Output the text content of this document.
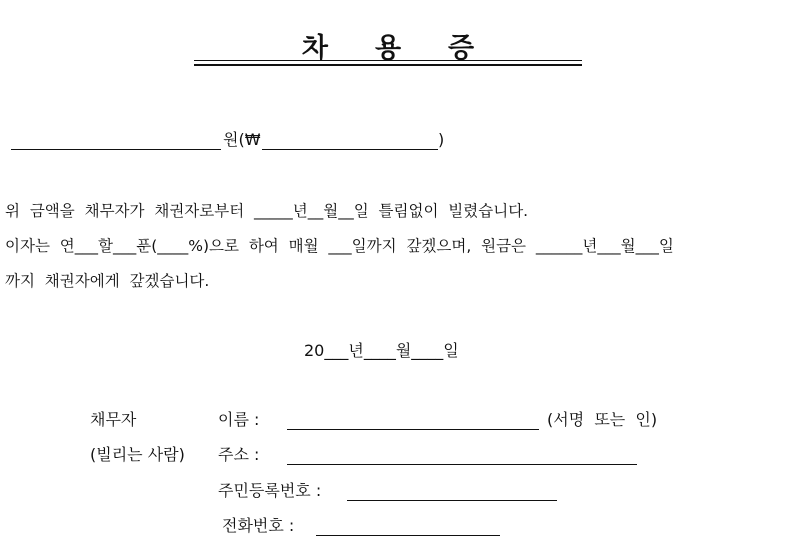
차     용     증
원(₩	)
위  금액을  채무자가  채권자로부터  _____년__월__일  틀림없이  빌렸습니다.
이자는  연___할___푼(____%)으로  하여  매월  ___일까지  갚겠으며,  원금은  ______년___월___일
까지  채권자에게  갚겠습니다.
20___년____월____일
채무자
(빌리는 사람)
이름 :	(서명  또는  인)
주소 :
주민등록번호 :
전화번호 :
